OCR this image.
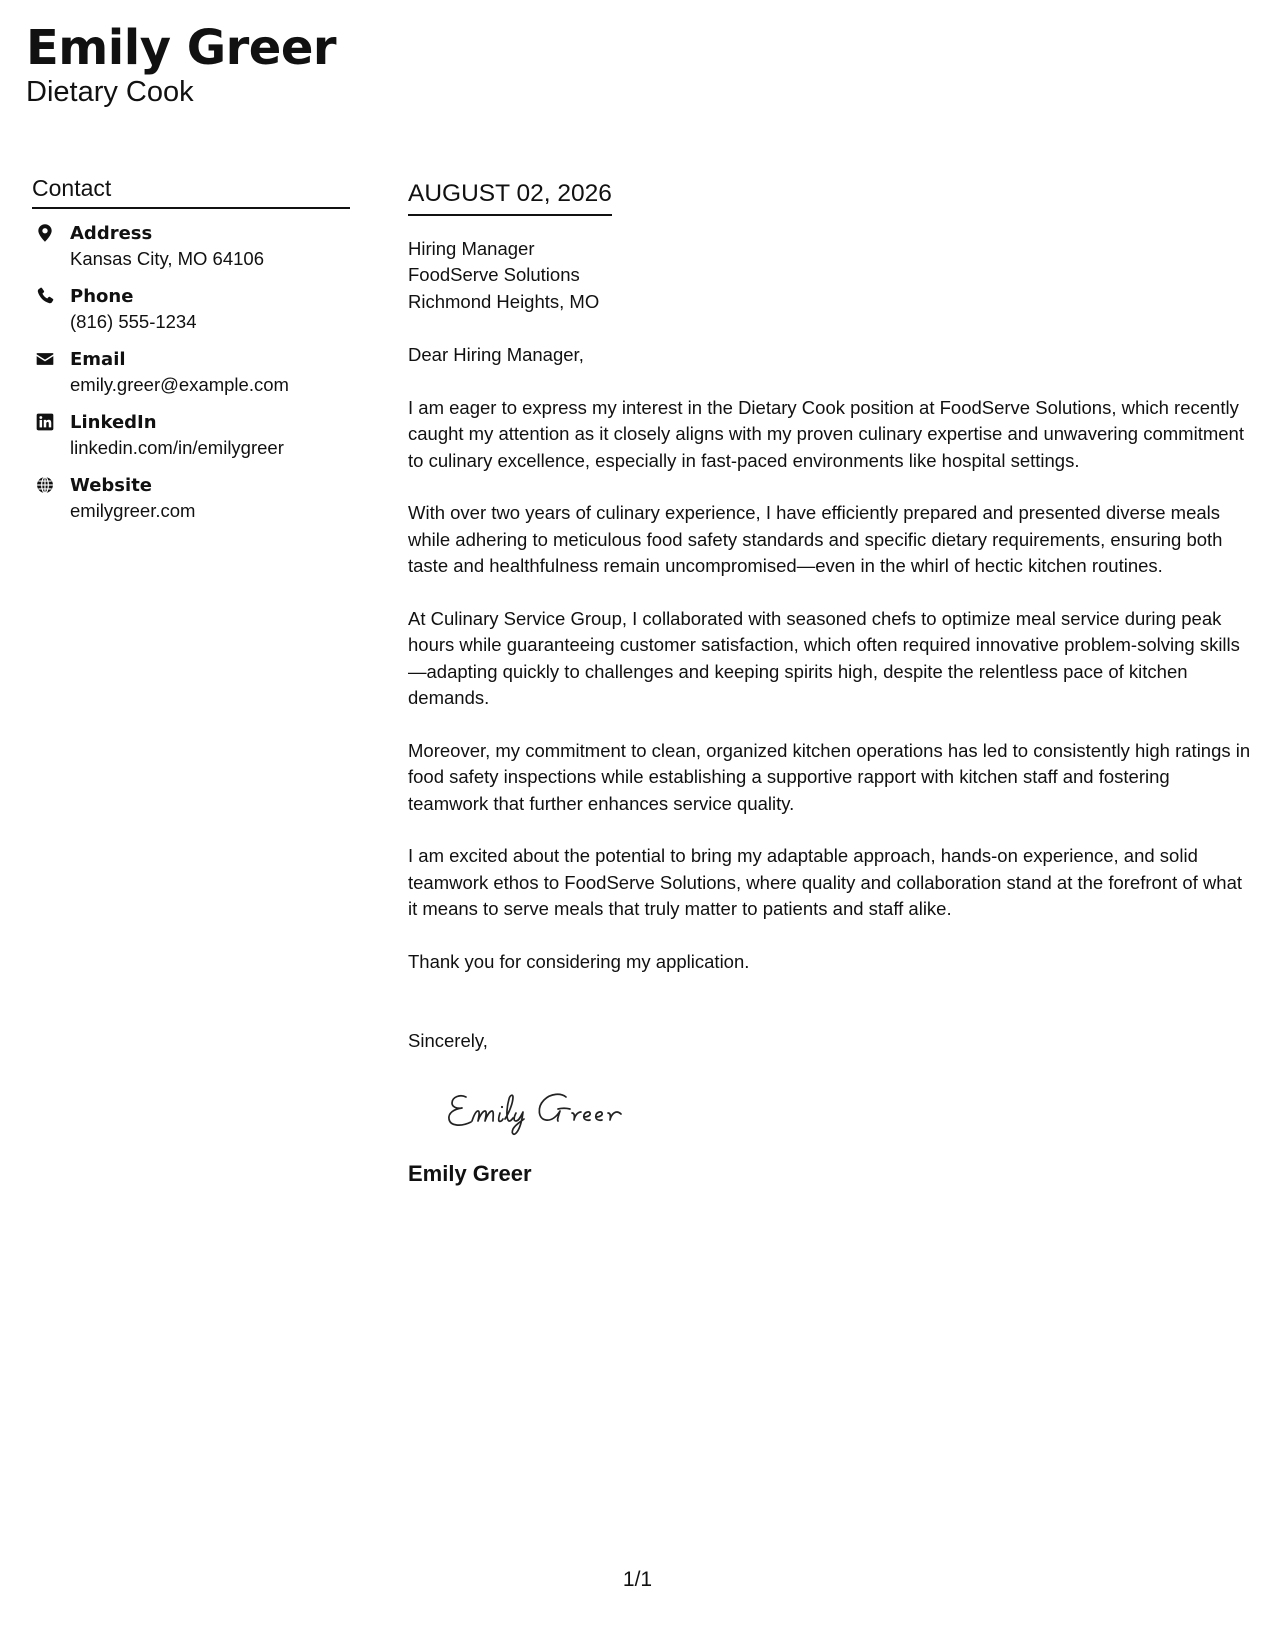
Emily Greer
Dietary Cook
Contact
Address
Kansas City, MO 64106
Phone
(816) 555-1234
Email
emily.greer@example.com
LinkedIn
linkedin.com/in/emilygreer
Website
emilygreer.com
AUGUST 02, 2026
Hiring Manager
FoodServe Solutions
Richmond Heights, MO

Dear Hiring Manager,

I am eager to express my interest in the Dietary Cook position at FoodServe Solutions, which recently caught my attention as it closely aligns with my proven culinary expertise and unwavering commitment to culinary excellence, especially in fast-paced environments like hospital settings.

With over two years of culinary experience, I have efficiently prepared and presented diverse meals while adhering to meticulous food safety standards and specific dietary requirements, ensuring both taste and healthfulness remain uncompromised—even in the whirl of hectic kitchen routines.

At Culinary Service Group, I collaborated with seasoned chefs to optimize meal service during peak hours while guaranteeing customer satisfaction, which often required innovative problem-solving skills—adapting quickly to challenges and keeping spirits high, despite the relentless pace of kitchen demands.

Moreover, my commitment to clean, organized kitchen operations has led to consistently high ratings in food safety inspections while establishing a supportive rapport with kitchen staff and fostering teamwork that further enhances service quality.

I am excited about the potential to bring my adaptable approach, hands-on experience, and solid teamwork ethos to FoodServe Solutions, where quality and collaboration stand at the forefront of what it means to serve meals that truly matter to patients and staff alike.

Thank you for considering my application.

Sincerely,

Emily Greer
1/1
